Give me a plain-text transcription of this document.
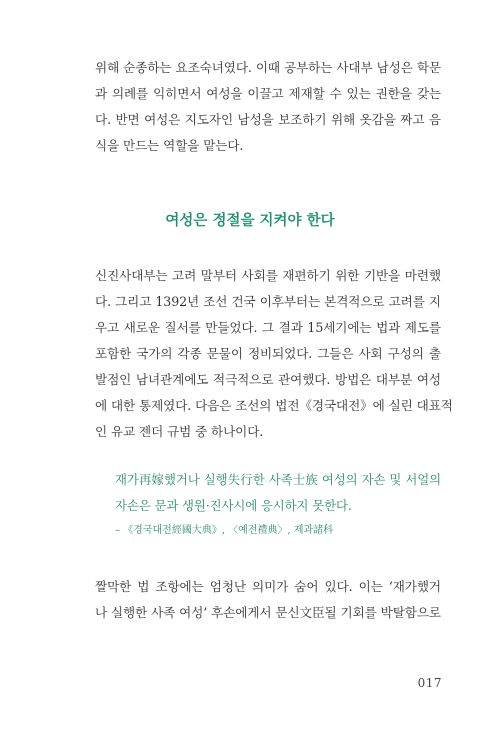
위해 순종하는 요조숙녀였다. 이때 공부하는 사대부 남성은 학문
과 의례를 익히면서 여성을 이끌고 제재할 수 있는 권한을 갖는
다. 반면 여성은 지도자인 남성을 보조하기 위해 옷감을 짜고 음
식을 만드는 역할을 맡는다.
여성은 정절을 지켜야 한다
신진사대부는 고려 말부터 사회를 재편하기 위한 기반을 마련했
다. 그리고 1392년 조선 건국 이후부터는 본격적으로 고려를 지
우고 새로운 질서를 만들었다. 그 결과 15세기에는 법과 제도를
포함한 국가의 각종 문물이 정비되었다. 그들은 사회 구성의 출
발점인 남녀관계에도 적극적으로 관여했다. 방법은 대부분 여성
에 대한 통제였다. 다음은 조선의 법전《경국대전》에 실린 대표적
인 유교 젠더 규범 중 하나이다.
재가再嫁했거나 실행失行한 사족士族 여성의 자손 및 서얼의
자손은 문과 생원·진사시에 응시하지 못한다.
– 《경국대전經國大典》, 〈예전禮典〉, 제과諸科
짤막한 법 조항에는 엄청난 의미가 숨어 있다. 이는 ‘재가했거
나 실행한 사족 여성’ 후손에게서 문신文臣될 기회를 박탈함으로
017
